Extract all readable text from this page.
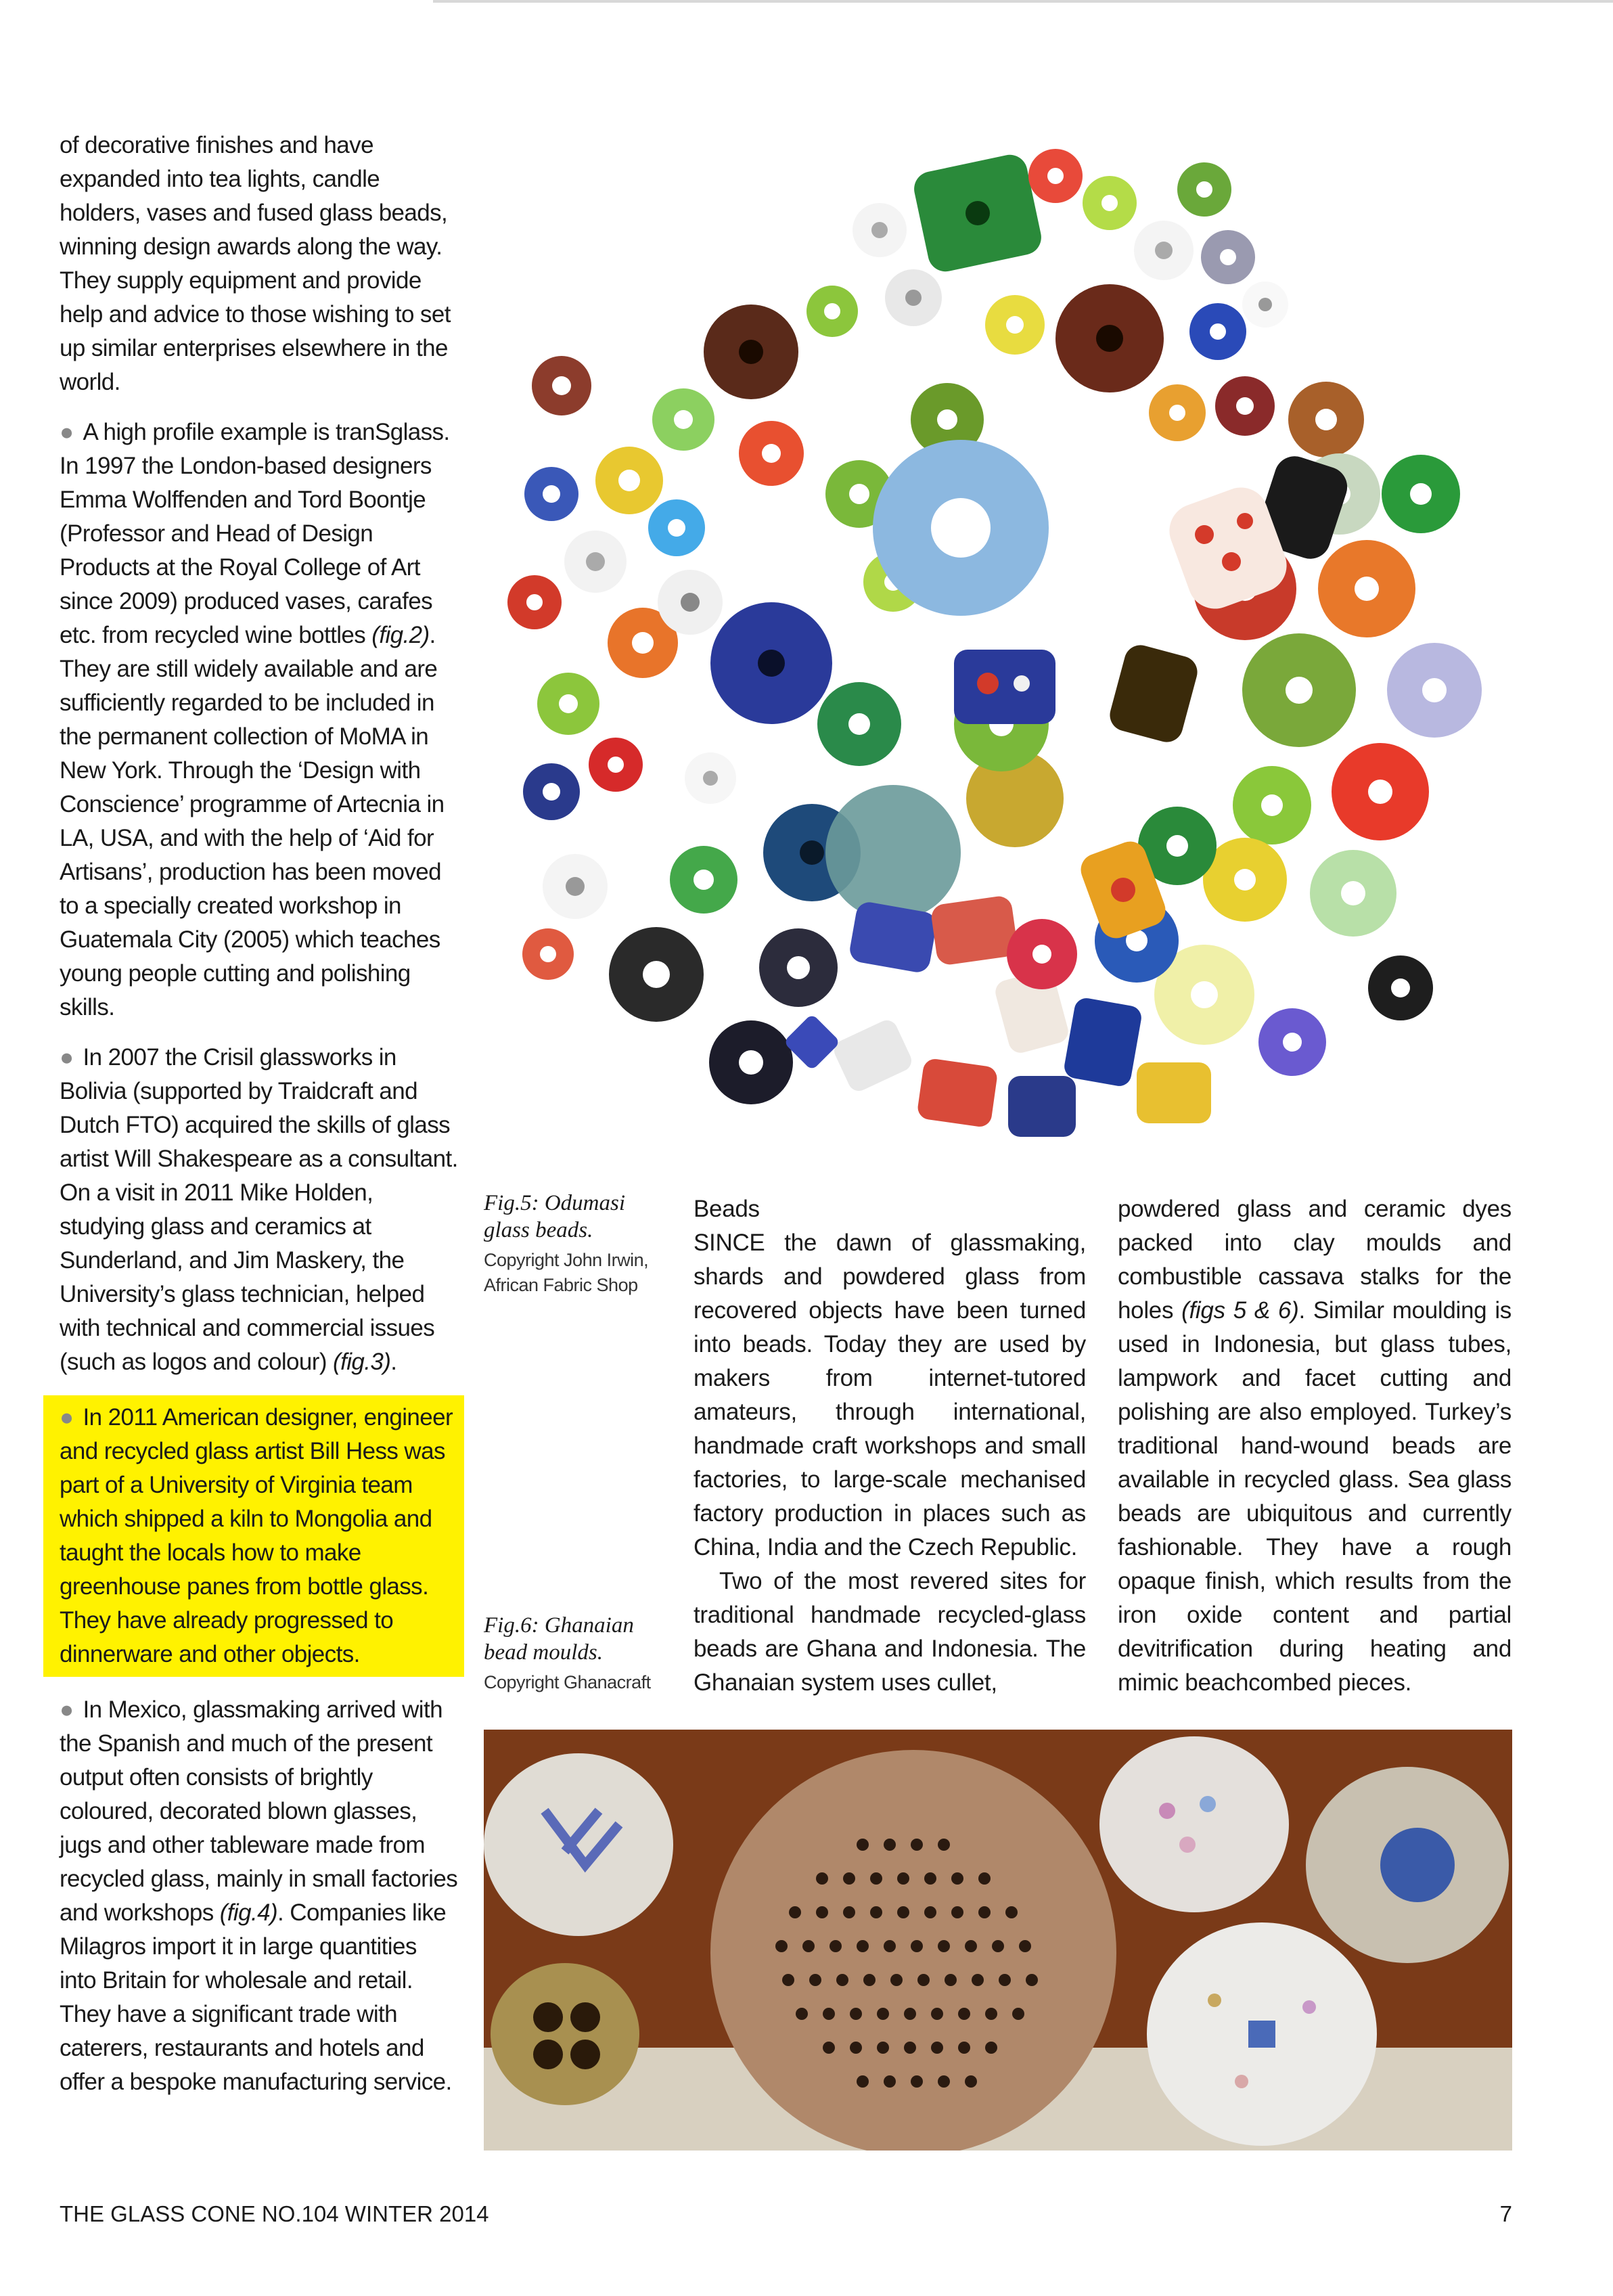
of decorative finishes and have expanded into tea lights, candle holders, vases and fused glass beads, winning design awards along the way. They supply equipment and provide help and advice to those wishing to set up similar enterprises elsewhere in the world.

● A high profile example is tranSglass. In 1997 the London-based designers Emma Wolffenden and Tord Boontje (Professor and Head of Design Products at the Royal College of Art since 2009) produced vases, carafes etc. from recycled wine bottles (fig.2). They are still widely available and are sufficiently regarded to be included in the permanent collection of MoMA in New York. Through the ‘Design with Conscience’ programme of Artecnia in LA, USA, and with the help of ‘Aid for Artisans’, production has been moved to a specially created workshop in Guatemala City (2005) which teaches young people cutting and polishing skills.

● In 2007 the Crisil glassworks in Bolivia (supported by Traidcraft and Dutch FTO) acquired the skills of glass artist Will Shakespeare as a consultant. On a visit in 2011 Mike Holden, studying glass and ceramics at Sunderland, and Jim Maskery, the University’s glass technician, helped with technical and commercial issues (such as logos and colour) (fig.3).

● In 2011 American designer, engineer and recycled glass artist Bill Hess was part of a University of Virginia team which shipped a kiln to Mongolia and taught the locals how to make greenhouse panes from bottle glass. They have already progressed to dinnerware and other objects.

● In Mexico, glassmaking arrived with the Spanish and much of the present output often consists of brightly coloured, decorated blown glasses, jugs and other tableware made from recycled glass, mainly in small factories and workshops (fig.4). Companies like Milagros import it in large quantities into Britain for wholesale and retail. They have a significant trade with caterers, restaurants and hotels and offer a bespoke manufacturing service.

Fig.5: Odumasi glass beads.

Copyright John Irwin, African Fabric Shop

Fig.6: Ghanaian bead moulds.

Copyright Ghanacraft

Beads

SINCE the dawn of glassmaking, shards and powdered glass from recovered objects have been turned into beads. Today they are used by makers from internet-tutored amateurs, through international, handmade craft workshops and small factories, to large-scale mechanised factory production in places such as China, India and the Czech Republic.

Two of the most revered sites for traditional handmade recycled-glass beads are Ghana and Indonesia. The Ghanaian system uses cullet,

powdered glass and ceramic dyes packed into clay moulds and combustible cassava stalks for the holes (figs 5 & 6). Similar moulding is used in Indonesia, but glass tubes, lampwork and facet cutting and polishing are also employed. Turkey’s traditional hand-wound beads are available in recycled glass. Sea glass beads are ubiquitous and currently fashionable. They have a rough opaque finish, which results from the iron oxide content and partial devitrification during heating and mimic beachcombed pieces.

THE GLASS CONE NO.104 WINTER 2014	7
